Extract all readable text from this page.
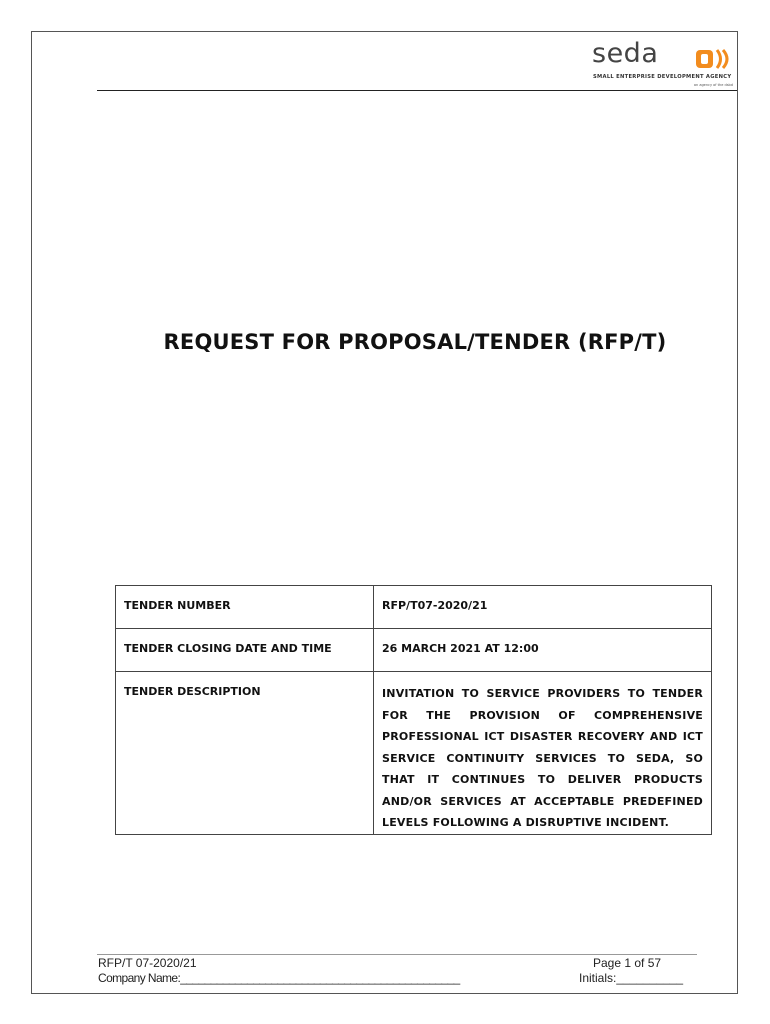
seda
SMALL ENTERPRISE DEVELOPMENT AGENCY
an agency of the dsbd
REQUEST FOR PROPOSAL/TENDER (RFP/T)
TENDER NUMBER	RFP/T07-2020/21
TENDER CLOSING DATE AND TIME	26 MARCH 2021 AT 12:00
TENDER DESCRIPTION	INVITATION TO SERVICE PROVIDERS TO TENDER FOR THE PROVISION OF COMPREHENSIVE PROFESSIONAL ICT DISASTER RECOVERY AND ICT SERVICE CONTINUITY SERVICES TO SEDA, SO THAT IT CONTINUES TO DELIVER PRODUCTS AND/OR SERVICES AT ACCEPTABLE PREDEFINED LEVELS FOLLOWING A DISRUPTIVE INCIDENT.
RFP/T 07-2020/21	Page 1 of 57
Company Name:______________________________________________	Initials:__________
